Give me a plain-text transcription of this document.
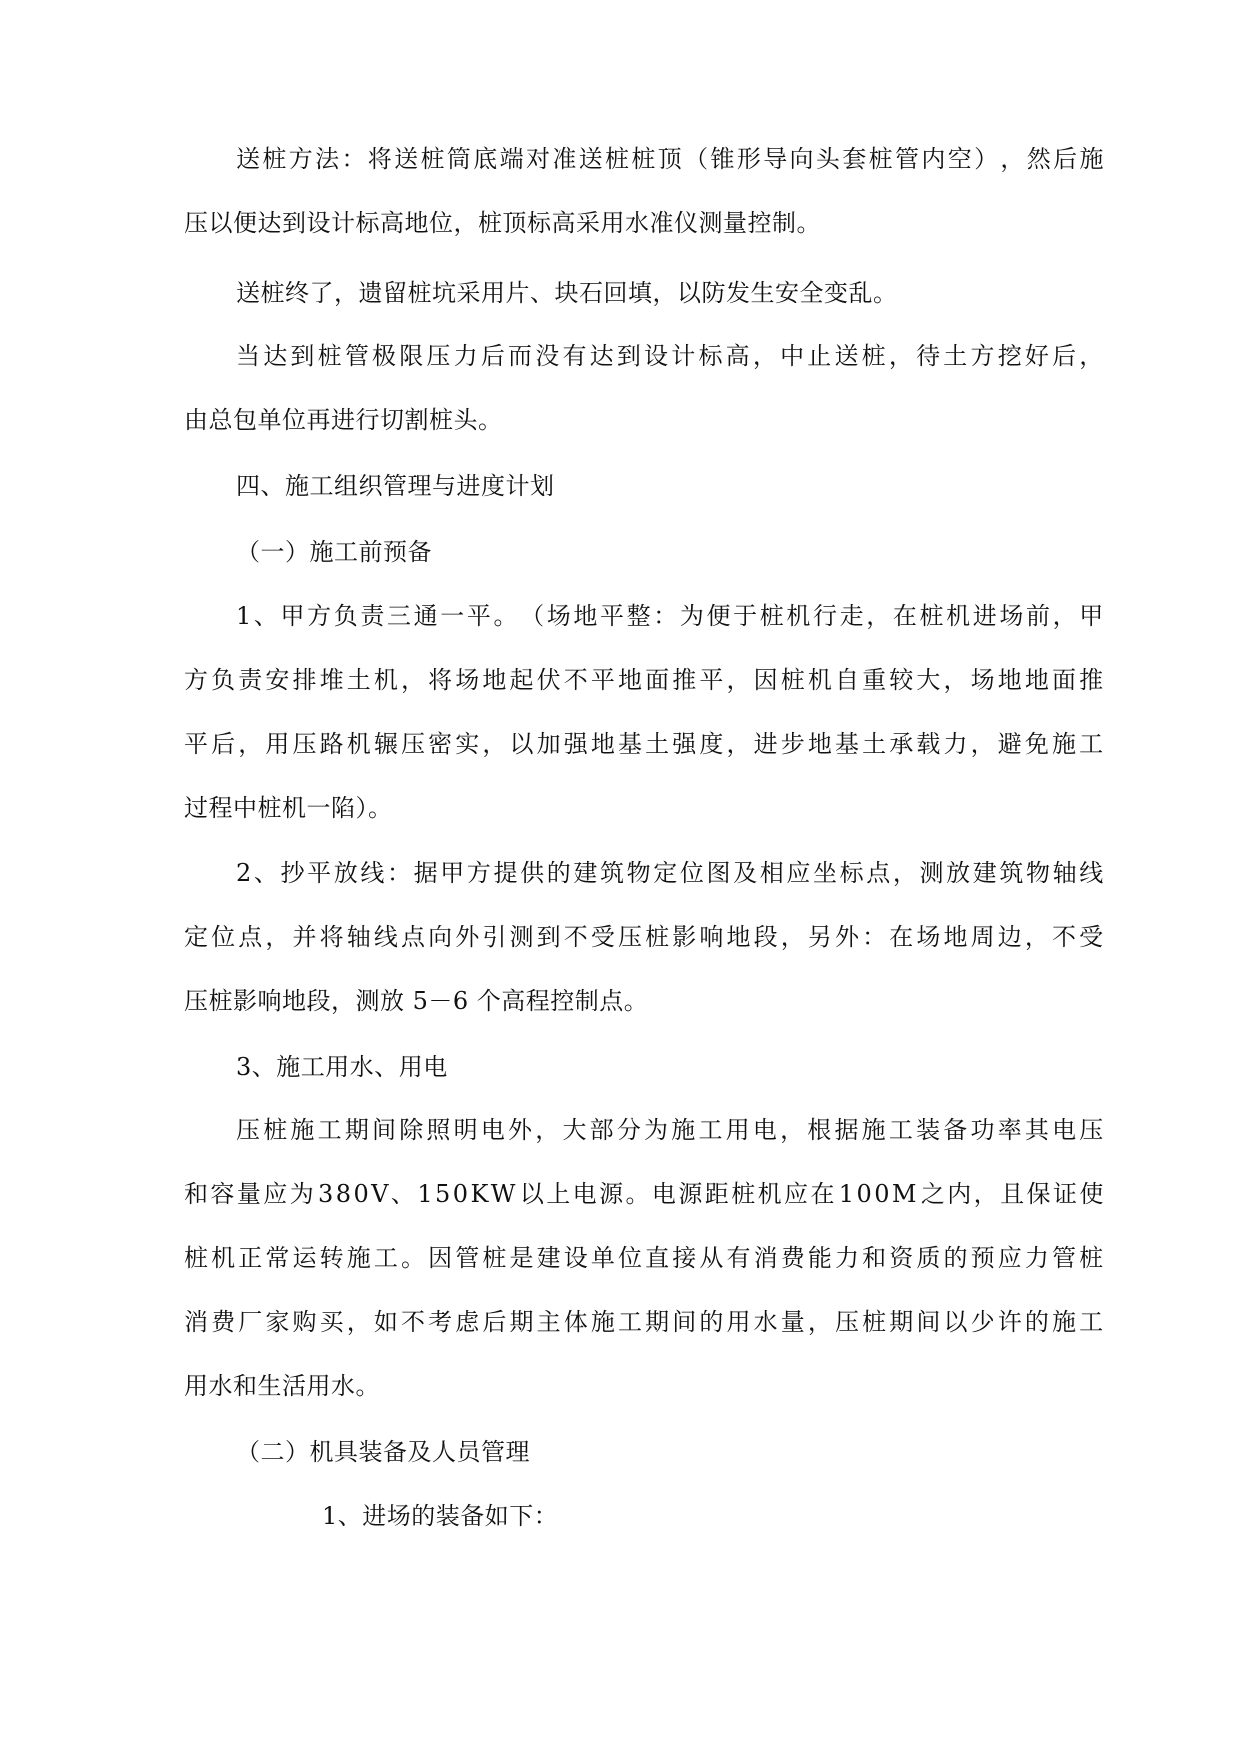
送 桩 方 法 ： 将 送 桩 筒 底 端 对 准 送 桩 桩 顶 （ 锥 形 导 向 头 套 桩 管 内 空 ） ， 然 后 施
压以便达到设计标高地位，桩顶标高采用水准仪测量控制。
送桩终了，遗留桩坑采用片、块石回填，以防发生安全变乱。
当 达 到 桩 管 极 限 压 力 后 而 没 有 达 到 设 计 标 高 ， 中 止 送 桩 ， 待 土 方 挖 好 后 ，
由总包单位再进行切割桩头。
四、施工组织管理与进度计划
（一）施工前预备
1 、 甲 方 负 责 三 通 一 平 。 （ 场 地 平 整 ： 为 便 于 桩 机 行 走 ， 在 桩 机 进 场 前 ， 甲
方 负 责 安 排 堆 土 机 ， 将 场 地 起 伏 不 平 地 面 推 平 ， 因 桩 机 自 重 较 大 ， 场 地 地 面 推
平 后 ， 用 压 路 机 辗 压 密 实 ， 以 加 强 地 基 土 强 度 ， 进 步 地 基 土 承 载 力 ， 避 免 施 工
过程中桩机一陷）。
2 、 抄 平 放 线 ： 据 甲 方 提 供 的 建 筑 物 定 位 图 及 相 应 坐 标 点 ， 测 放 建 筑 物 轴 线
定 位 点 ， 并 将 轴 线 点 向 外 引 测 到 不 受 压 桩 影 响 地 段 ， 另 外 ： 在 场 地 周 边 ， 不 受
压桩影响地段，测放 5－6 个高程控制点。
3、施工用水、用电
压 桩 施 工 期 间 除 照 明 电 外 ， 大 部 分 为 施 工 用 电 ， 根 据 施 工 装 备 功 率 其 电 压
和 容 量 应 为 3 8 0 V 、 1 5 0 K W 以 上 电 源 。 电 源 距 桩 机 应 在 1 0 0 M 之 内 ， 且 保 证 使
桩 机 正 常 运 转 施 工 。 因 管 桩 是 建 设 单 位 直 接 从 有 消 费 能 力 和 资 质 的 预 应 力 管 桩
消 费 厂 家 购 买 ， 如 不 考 虑 后 期 主 体 施 工 期 间 的 用 水 量 ， 压 桩 期 间 以 少 许 的 施 工
用水和生活用水。
（二）机具装备及人员管理
1、进场的装备如下：
